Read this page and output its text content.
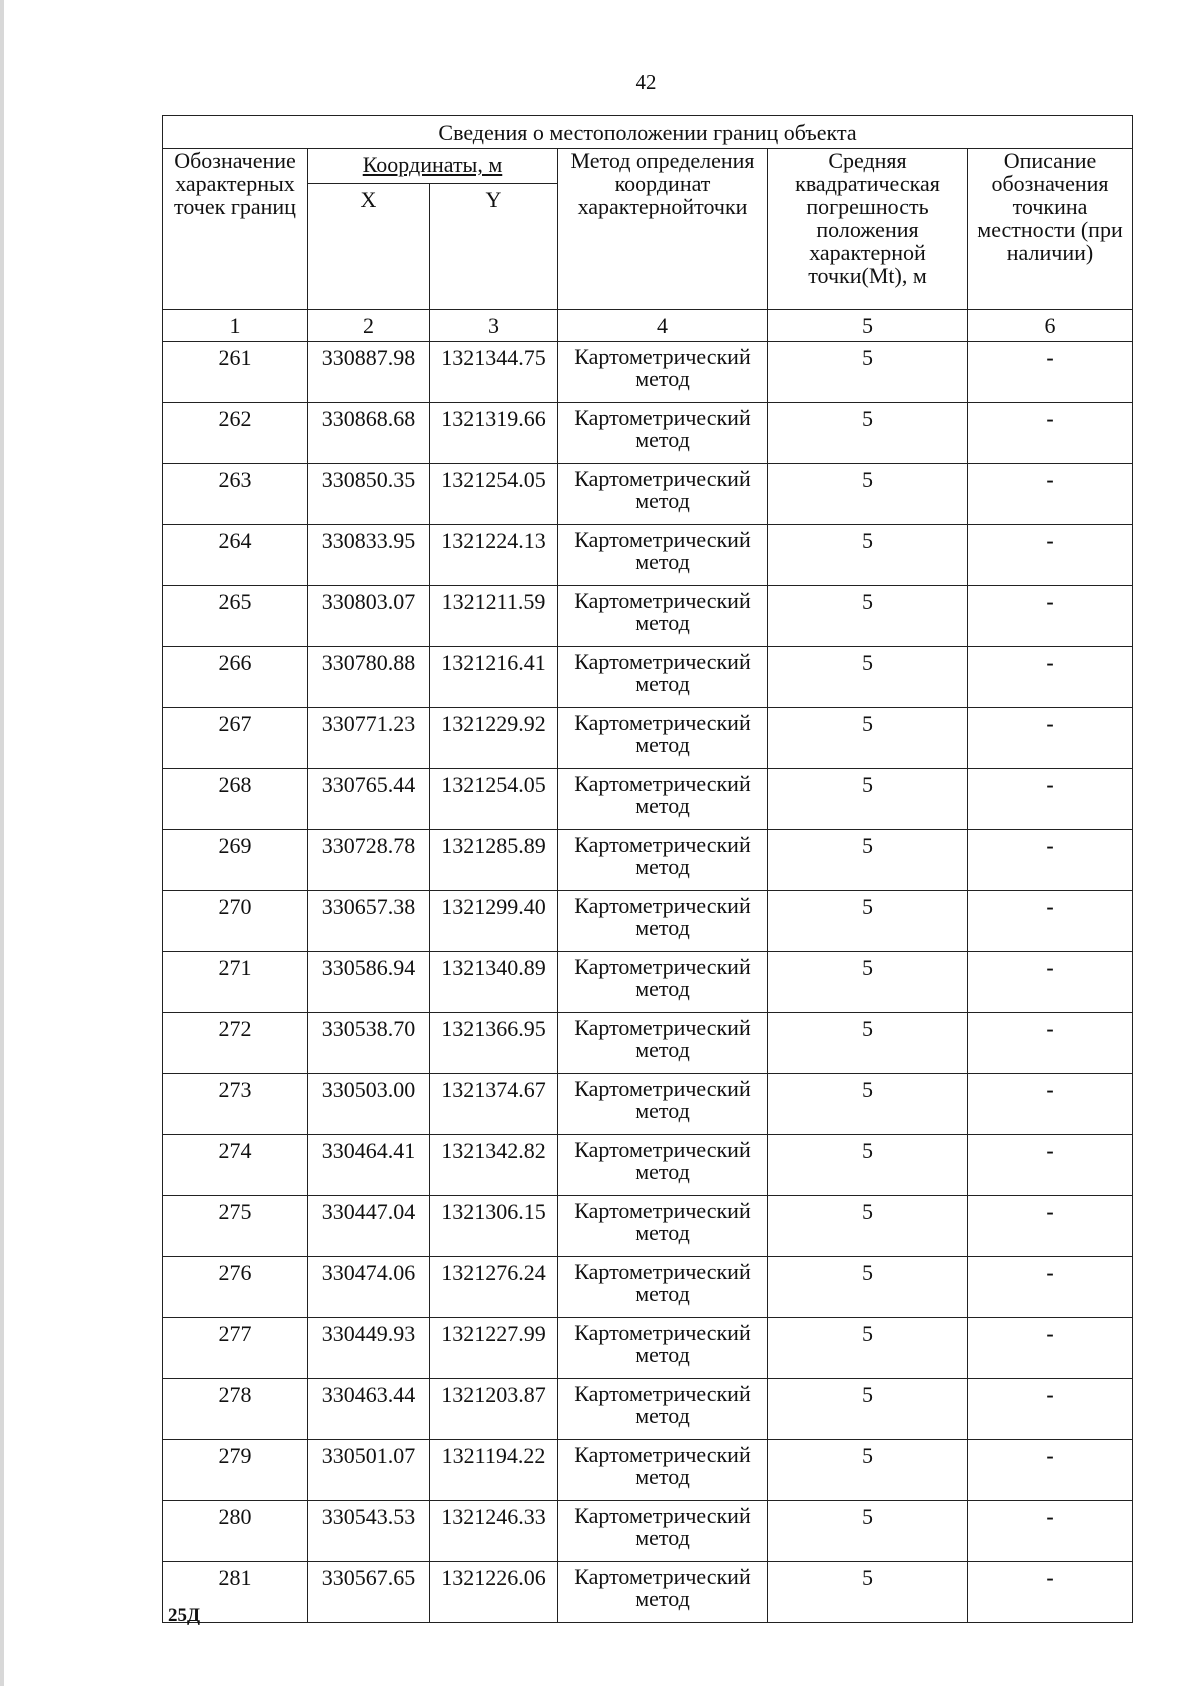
42
Сведения о местоположении границ объекта					
Обозначение характерных точек границ	Координаты, м		Метод определения координат характернойточки	Средняя квадратическая погрешность положения характерной точки(Mt), м	Описание обозначения точкина местности (при наличии)
	X	Y			
1	2	3	4	5	6
261	330887.98	1321344.75	Картометрический метод	5	-
262	330868.68	1321319.66	Картометрический метод	5	-
263	330850.35	1321254.05	Картометрический метод	5	-
264	330833.95	1321224.13	Картометрический метод	5	-
265	330803.07	1321211.59	Картометрический метод	5	-
266	330780.88	1321216.41	Картометрический метод	5	-
267	330771.23	1321229.92	Картометрический метод	5	-
268	330765.44	1321254.05	Картометрический метод	5	-
269	330728.78	1321285.89	Картометрический метод	5	-
270	330657.38	1321299.40	Картометрический метод	5	-
271	330586.94	1321340.89	Картометрический метод	5	-
272	330538.70	1321366.95	Картометрический метод	5	-
273	330503.00	1321374.67	Картометрический метод	5	-
274	330464.41	1321342.82	Картометрический метод	5	-
275	330447.04	1321306.15	Картометрический метод	5	-
276	330474.06	1321276.24	Картометрический метод	5	-
277	330449.93	1321227.99	Картометрический метод	5	-
278	330463.44	1321203.87	Картометрический метод	5	-
279	330501.07	1321194.22	Картометрический метод	5	-
280	330543.53	1321246.33	Картометрический метод	5	-
281	330567.65	1321226.06	Картометрический метод	5	-
25Д
